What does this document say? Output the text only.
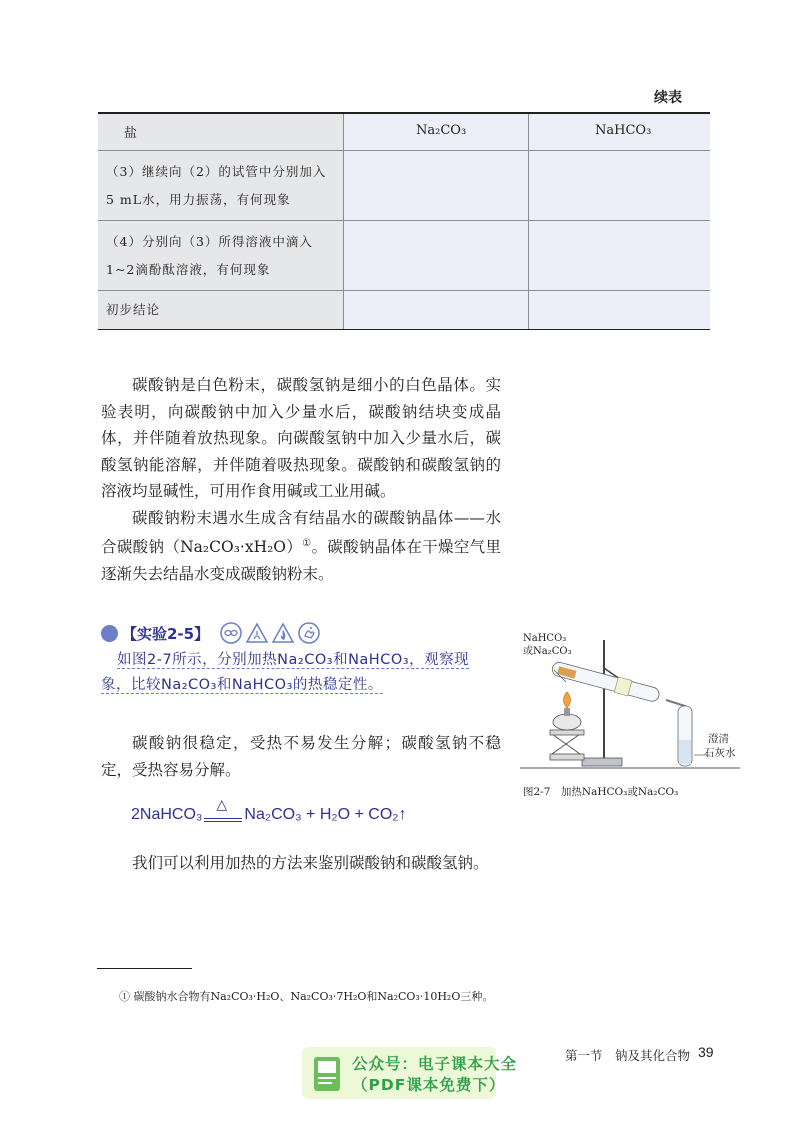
续表
盐	Na₂CO₃	NaHCO₃
（3）继续向（2）的试管中分别加入
5 mL水，用力振荡，有何现象
（4）分别向（3）所得溶液中滴入
1~2滴酚酞溶液，有何现象
初步结论

碳酸钠是白色粉末，碳酸氢钠是细小的白色晶体。实验表明，向碳酸钠中加入少量水后，碳酸钠结块变成晶体，并伴随着放热现象。向碳酸氢钠中加入少量水后，碳酸氢钠能溶解，并伴随着吸热现象。碳酸钠和碳酸氢钠的溶液均显碱性，可用作食用碱或工业用碱。

碳酸钠粉末遇水生成含有结晶水的碳酸钠晶体——水合碳酸钠（Na₂CO₃·xH₂O）①。碳酸钠晶体在干燥空气里逐渐失去结晶水变成碳酸钠粉末。

【实验2-5】
如图2-7所示，分别加热Na₂CO₃和NaHCO₃，观察现
象，比较Na₂CO₃和NaHCO₃的热稳定性。

碳酸钠很稳定，受热不易发生分解；碳酸氢钠不稳定，受热容易分解。

2NaHCO₃
△
Na₂CO₃ + H₂O + CO₂↑

我们可以利用加热的方法来鉴别碳酸钠和碳酸氢钠。

NaHCO₃
或Na₂CO₃
澄清
石灰水
图2-7　加热NaHCO₃或Na₂CO₃
① 碳酸钠水合物有Na₂CO₃·H₂O、Na₂CO₃·7H₂O和Na₂CO₃·10H₂O三种。
第一节　钠及其化合物 39
公众号：电子课本大全
（PDF课本免费下）
